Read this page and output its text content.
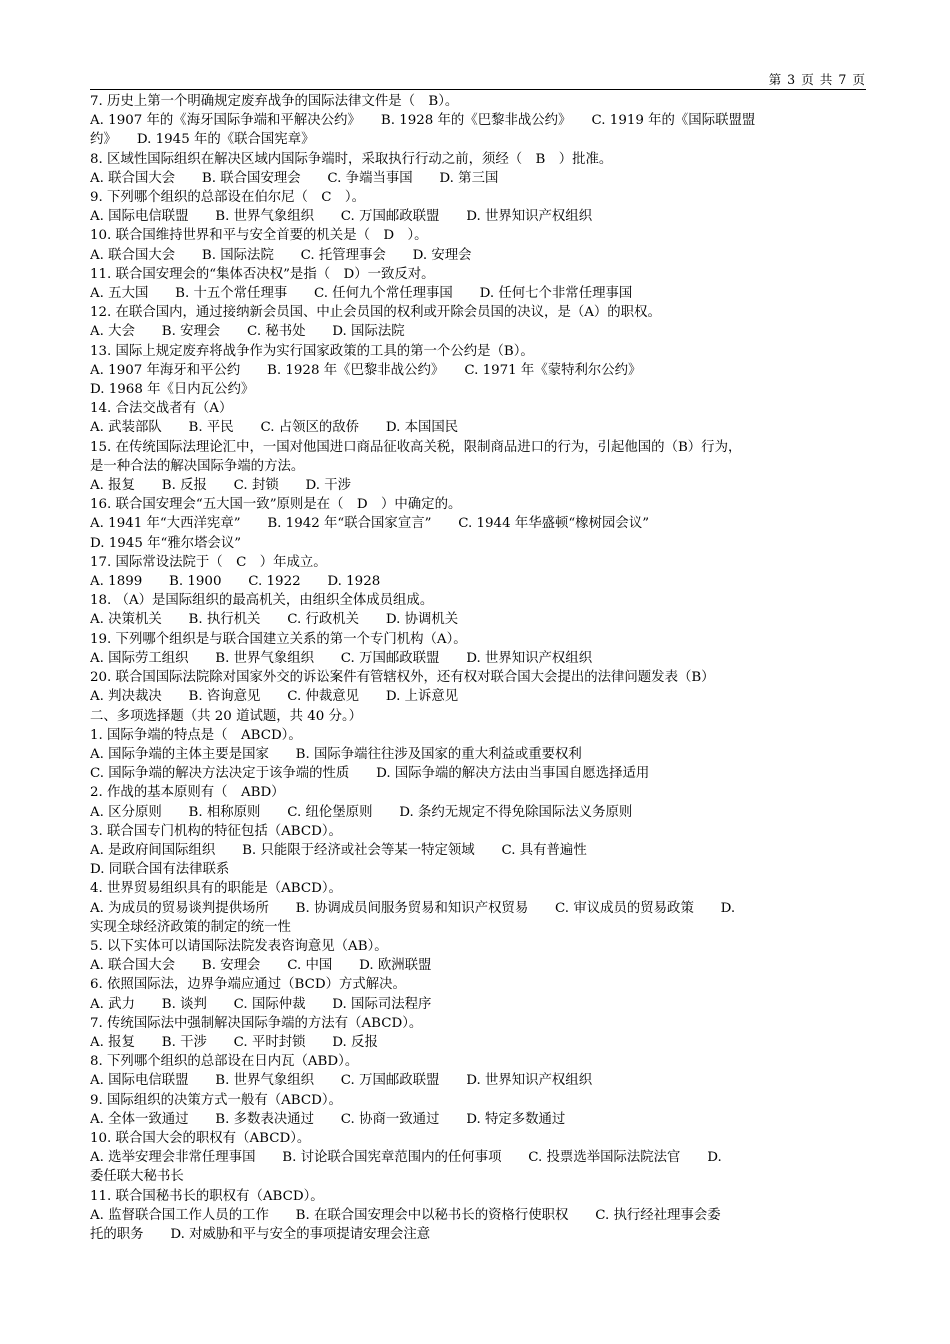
第 3 页 共 7 页
7. 历史上第一个明确规定废弃战争的国际法律文件是（　B）。
A. 1907 年的《海牙国际争端和平解决公约》　　B. 1928 年的《巴黎非战公约》　　C. 1919 年的《国际联盟盟
约》　　D. 1945 年的《联合国宪章》
8. 区域性国际组织在解决区域内国际争端时，采取执行行动之前，须经（　B　）批准。
A. 联合国大会　　B. 联合国安理会　　C. 争端当事国　　D. 第三国
9. 下列哪个组织的总部设在伯尔尼（　C　）。
A. 国际电信联盟　　B. 世界气象组织　　C. 万国邮政联盟　　D. 世界知识产权组织
10. 联合国维持世界和平与安全首要的机关是（　D　）。
A. 联合国大会　　B. 国际法院　　C. 托管理事会　　D. 安理会
11. 联合国安理会的“集体否决权”是指（　D）一致反对。
A. 五大国　　B. 十五个常任理事　　C. 任何九个常任理事国　　D. 任何七个非常任理事国
12. 在联合国内，通过接纳新会员国、中止会员国的权利或开除会员国的决议，是（A）的职权。
A. 大会　　B. 安理会　　C. 秘书处　　D. 国际法院
13. 国际上规定废弃将战争作为实行国家政策的工具的第一个公约是（B）。
A. 1907 年海牙和平公约　　B. 1928 年《巴黎非战公约》　　C. 1971 年《蒙特利尔公约》
D. 1968 年《日内瓦公约》
14. 合法交战者有（A）
A. 武装部队　　B. 平民　　C. 占领区的敌侨　　D. 本国国民
15. 在传统国际法理论汇中，一国对他国进口商品征收高关税，限制商品进口的行为，引起他国的（B）行为，
是一种合法的解决国际争端的方法。
A. 报复　　B. 反报　　C. 封锁　　D. 干涉
16. 联合国安理会“五大国一致”原则是在（　D　）中确定的。
A. 1941 年“大西洋宪章”　　B. 1942 年“联合国家宣言”　　C. 1944 年华盛顿“橡树园会议”
D. 1945 年“雅尔塔会议”
17. 国际常设法院于（　C　）年成立。
A. 1899　　B. 1900　　C. 1922　　D. 1928
18. （A）是国际组织的最高机关，由组织全体成员组成。
A. 决策机关　　B. 执行机关　　C. 行政机关　　D. 协调机关
19. 下列哪个组织是与联合国建立关系的第一个专门机构（A）。
A. 国际劳工组织　　B. 世界气象组织　　C. 万国邮政联盟　　D. 世界知识产权组织
20. 联合国国际法院除对国家外交的诉讼案件有管辖权外，还有权对联合国大会提出的法律问题发表（B）
A. 判决裁决　　B. 咨询意见　　C. 仲裁意见　　D. 上诉意见
二、多项选择题（共 20 道试题，共 40 分。）
1. 国际争端的特点是（　ABCD）。
A. 国际争端的主体主要是国家　　B. 国际争端往往涉及国家的重大利益或重要权利
C. 国际争端的解决方法决定于该争端的性质　　D. 国际争端的解决方法由当事国自愿选择适用
2. 作战的基本原则有（　ABD）
A. 区分原则　　B. 相称原则　　C. 纽伦堡原则　　D. 条约无规定不得免除国际法义务原则
3. 联合国专门机构的特征包括（ABCD）。
A. 是政府间国际组织　　B. 只能限于经济或社会等某一特定领域　　C. 具有普遍性
D. 同联合国有法律联系
4. 世界贸易组织具有的职能是（ABCD）。
A. 为成员的贸易谈判提供场所　　B. 协调成员间服务贸易和知识产权贸易　　C. 审议成员的贸易政策　　D.
实现全球经济政策的制定的统一性
5. 以下实体可以请国际法院发表咨询意见（AB）。
A. 联合国大会　　B. 安理会　　C. 中国　　D. 欧洲联盟
6. 依照国际法，边界争端应通过（BCD）方式解决。
A. 武力　　B. 谈判　　C. 国际仲裁　　D. 国际司法程序
7. 传统国际法中强制解决国际争端的方法有（ABCD）。
A. 报复　　B. 干涉　　C. 平时封锁　　D. 反报
8. 下列哪个组织的总部设在日内瓦（ABD）。
A. 国际电信联盟　　B. 世界气象组织　　C. 万国邮政联盟　　D. 世界知识产权组织
9. 国际组织的决策方式一般有（ABCD）。
A. 全体一致通过　　B. 多数表决通过　　C. 协商一致通过　　D. 特定多数通过
10. 联合国大会的职权有（ABCD）。
A. 选举安理会非常任理事国　　B. 讨论联合国宪章范围内的任何事项　　C. 投票选举国际法院法官　　D.
委任联大秘书长
11. 联合国秘书长的职权有（ABCD）。
A. 监督联合国工作人员的工作　　B. 在联合国安理会中以秘书长的资格行使职权　　C. 执行经社理事会委
托的职务　　D. 对威胁和平与安全的事项提请安理会注意
